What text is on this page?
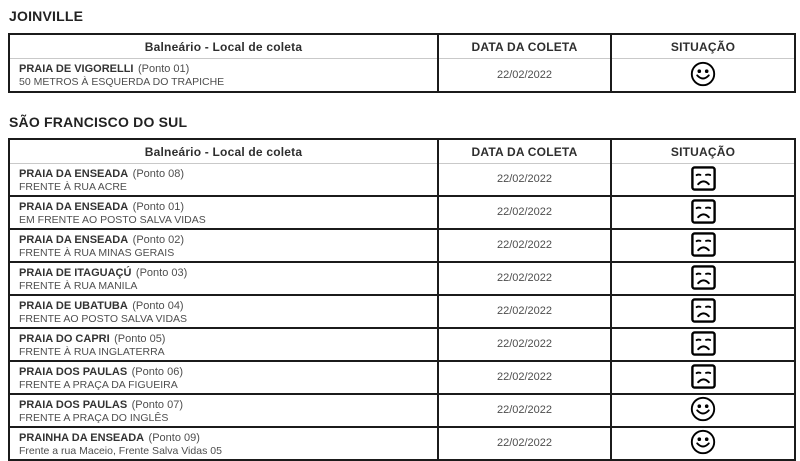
JOINVILLE
Balneário - Local de coleta	DATA DA COLETA	SITUAÇÃO

PRAIA DE VIGORELLI (Ponto 01)
50 METROS À ESQUERDA DO TRAPICHE	22/02/2022	
SÃO FRANCISCO DO SUL
Balneário - Local de coleta	DATA DA COLETA	SITUAÇÃO

PRAIA DA ENSEADA (Ponto 08)
FRENTE À RUA ACRE	22/02/2022	

PRAIA DA ENSEADA (Ponto 01)
EM FRENTE AO POSTO SALVA VIDAS	22/02/2022	

PRAIA DA ENSEADA (Ponto 02)
FRENTE À RUA MINAS GERAIS	22/02/2022	

PRAIA DE ITAGUAÇÚ (Ponto 03)
FRENTE À RUA MANILA	22/02/2022	

PRAIA DE UBATUBA (Ponto 04)
FRENTE AO POSTO SALVA VIDAS	22/02/2022	

PRAIA DO CAPRI (Ponto 05)
FRENTE À RUA INGLATERRA	22/02/2022	

PRAIA DOS PAULAS (Ponto 06)
FRENTE A PRAÇA DA FIGUEIRA	22/02/2022	

PRAIA DOS PAULAS (Ponto 07)
FRENTE A PRAÇA DO INGLÊS	22/02/2022	

PRAINHA DA ENSEADA (Ponto 09)
Frente a rua Maceio, Frente Salva Vidas 05	22/02/2022	
